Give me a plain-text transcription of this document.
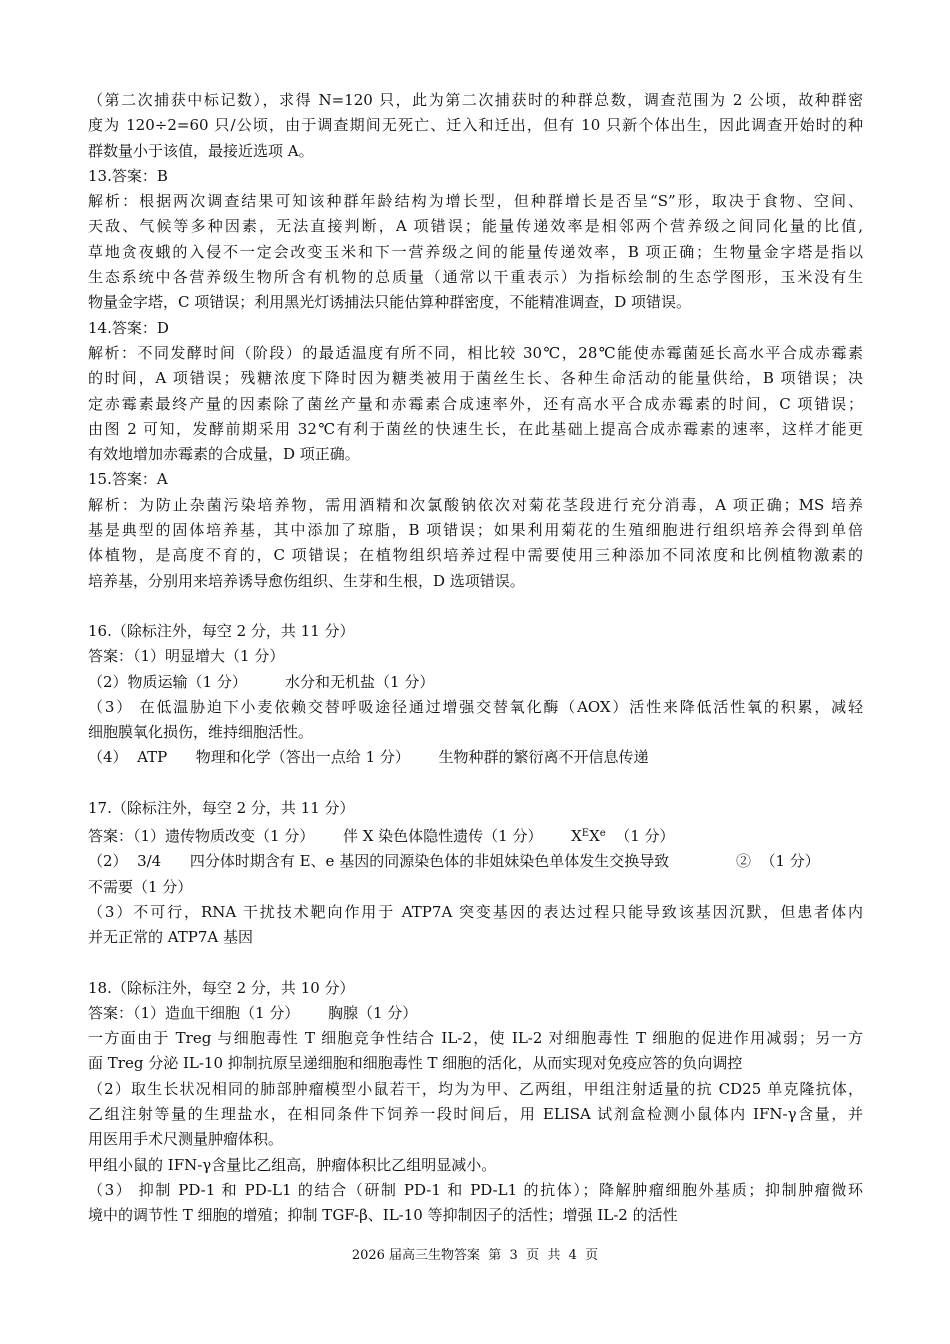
（第二次捕获中标记数），求得 N=120 只，此为第二次捕获时的种群总数，调查范围为 2 公顷，故种群密
度为 120÷2=60 只/公顷，由于调查期间无死亡、迁入和迁出，但有 10 只新个体出生，因此调查开始时的种
群数量小于该值，最接近选项 A。
13.答案：B
解析：根据两次调查结果可知该种群年龄结构为增长型，但种群增长是否呈“S”形，取决于食物、空间、
天敌、气候等多种因素，无法直接判断，A 项错误；能量传递效率是相邻两个营养级之间同化量的比值,
草地贪夜蛾的入侵不一定会改变玉米和下一营养级之间的能量传递效率，B 项正确；生物量金字塔是指以
生态系统中各营养级生物所含有机物的总质量（通常以干重表示）为指标绘制的生态学图形，玉米没有生
物量金字塔，C 项错误；利用黑光灯诱捕法只能估算种群密度，不能精准调查，D 项错误。
14.答案：D
解析：不同发酵时间（阶段）的最适温度有所不同，相比较 30℃，28℃能使赤霉菌延长高水平合成赤霉素
的时间，A 项错误；残糖浓度下降时因为糖类被用于菌丝生长、各种生命活动的能量供给，B 项错误；决
定赤霉素最终产量的因素除了菌丝产量和赤霉素合成速率外，还有高水平合成赤霉素的时间，C 项错误；
由图 2 可知，发酵前期采用 32℃有利于菌丝的快速生长，在此基础上提高合成赤霉素的速率，这样才能更
有效地增加赤霉素的合成量，D 项正确。
15.答案：A
解析：为防止杂菌污染培养物，需用酒精和次氯酸钠依次对菊花茎段进行充分消毒，A 项正确；MS 培养
基是典型的固体培养基，其中添加了琼脂，B 项错误；如果利用菊花的生殖细胞进行组织培养会得到单倍
体植物，是高度不育的，C 项错误；在植物组织培养过程中需要使用三种添加不同浓度和比例植物激素的
培养基，分别用来培养诱导愈伤组织、生芽和生根，D 选项错误。
16.（除标注外，每空 2 分，共 11 分）
答案：（1）明显增大（1 分）
（2）物质运输（1 分）        水分和无机盐（1 分）
（3） 在低温胁迫下小麦依赖交替呼吸途径通过增强交替氧化酶（AOX）活性来降低活性氧的积累，减轻
细胞膜氧化损伤，维持细胞活性。
（4）  ATP      物理和化学（答出一点给 1 分）      生物种群的繁衍离不开信息传递
17.（除标注外，每空 2 分，共 11 分）
答案：（1）遗传物质改变（1 分）      伴 X 染色体隐性遗传（1 分）      $X^EXe$  （1 分）
（2）  3/4      四分体时期含有 E、e 基因的同源染色体的非姐妹染色单体发生交换导致              ②  （1 分）
不需要（1 分）
（3）不可行，RNA 干扰技术靶向作用于 ATP7A 突变基因的表达过程只能导致该基因沉默，但患者体内
并无正常的 ATP7A 基因
18.（除标注外，每空 2 分，共 10 分）
答案：（1）造血干细胞（1 分）      胸腺（1 分）
一方面由于 Treg 与细胞毒性 T 细胞竞争性结合 IL-2，使 IL-2 对细胞毒性 T 细胞的促进作用减弱；另一方
面 Treg 分泌 IL-10 抑制抗原呈递细胞和细胞毒性 T 细胞的活化，从而实现对免疫应答的负向调控
（2）取生长状况相同的肺部肿瘤模型小鼠若干，均为为甲、乙两组，甲组注射适量的抗 CD25 单克隆抗体，
乙组注射等量的生理盐水，在相同条件下饲养一段时间后，用 ELISA 试剂盒检测小鼠体内 IFN-γ含量，并
用医用手术尺测量肿瘤体积。
甲组小鼠的 IFN-γ含量比乙组高，肿瘤体积比乙组明显减小。
（3） 抑制 PD-1 和 PD-L1 的结合（研制 PD-1 和 PD-L1 的抗体）；降解肿瘤细胞外基质；抑制肿瘤微环
境中的调节性 T 细胞的增殖；抑制 TGF-β、IL-10 等抑制因子的活性；增强 IL-2 的活性
2026 届高三生物答案  第  3  页  共  4  页
